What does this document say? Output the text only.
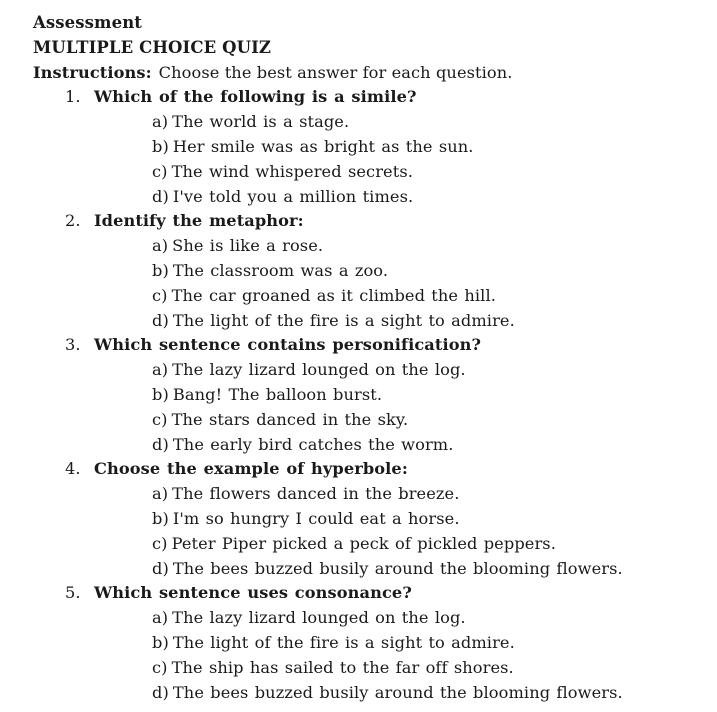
Assessment
MULTIPLE CHOICE QUIZ
Instructions: Choose the best answer for each question.
1. Which of the following is a simile?
a) The world is a stage.
b) Her smile was as bright as the sun.
c) The wind whispered secrets.
d) I've told you a million times.
2. Identify the metaphor:
a) She is like a rose.
b) The classroom was a zoo.
c) The car groaned as it climbed the hill.
d) The light of the fire is a sight to admire.
3. Which sentence contains personification?
a) The lazy lizard lounged on the log.
b) Bang! The balloon burst.
c) The stars danced in the sky.
d) The early bird catches the worm.
4. Choose the example of hyperbole:
a) The flowers danced in the breeze.
b) I'm so hungry I could eat a horse.
c) Peter Piper picked a peck of pickled peppers.
d) The bees buzzed busily around the blooming flowers.
5. Which sentence uses consonance?
a) The lazy lizard lounged on the log.
b) The light of the fire is a sight to admire.
c) The ship has sailed to the far off shores.
d) The bees buzzed busily around the blooming flowers.
